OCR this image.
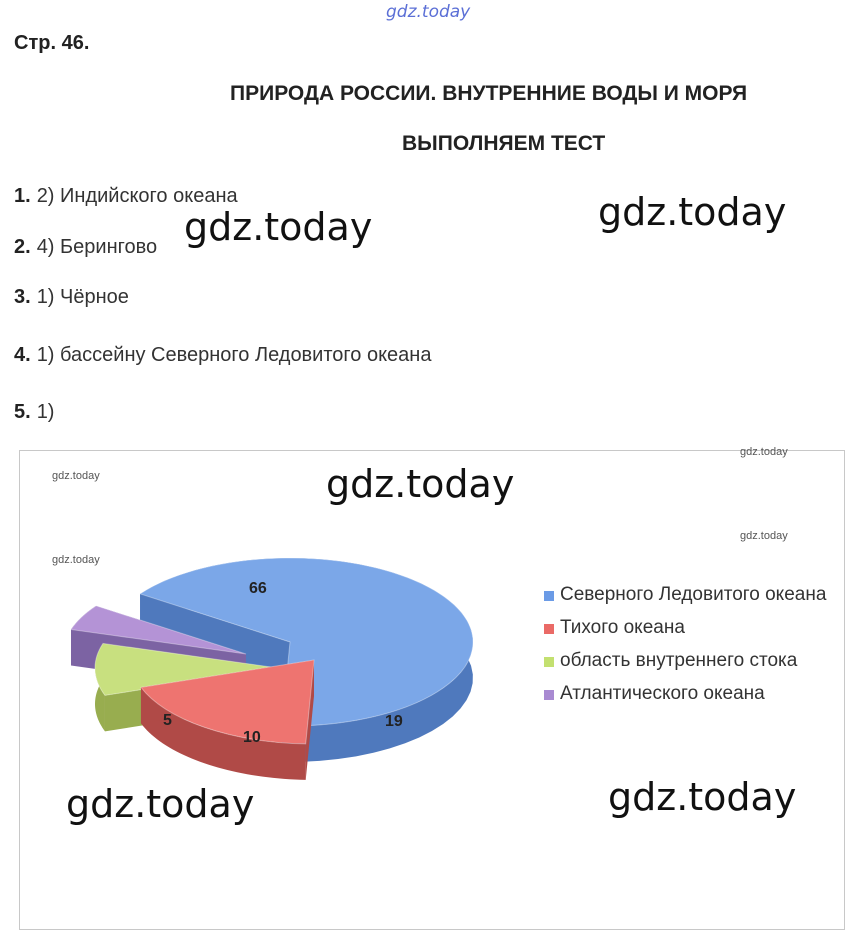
gdz.today
Стр. 46.
ПРИРОДА РОССИИ. ВНУТРЕННИЕ ВОДЫ И МОРЯ
ВЫПОЛНЯЕМ ТЕСТ
1. 2) Индийского океана
2. 4) Берингово
3. 1) Чёрное
4. 1) бассейну Северного Ледовитого океана
5. 1)
gdz.today	gdz.today
66
19
10
5
Северного Ледовитого океана
Тихого океана
область внутреннего стока
Атлантического океана
gdz.today
gdz.today
gdz.today
gdz.today
gdz.today
gdz.today	gdz.today
